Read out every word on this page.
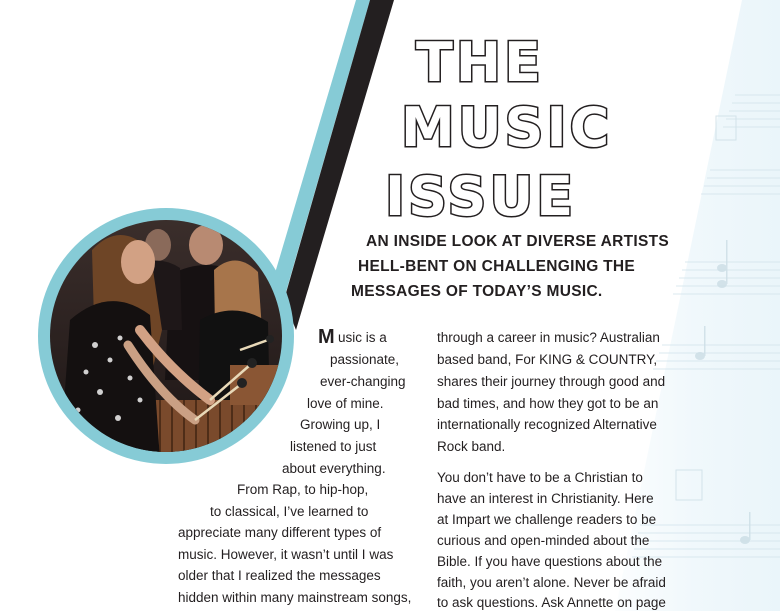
THE
MUSIC
ISSUE
AN INSIDE LOOK AT DIVERSE ARTISTS
HELL-BENT ON CHALLENGING THE
MESSAGES OF TODAY’S MUSIC.
M usic is a
passionate,
ever-changing
love of mine.
Growing up, I
listened to just
about everything.
From Rap, to hip-hop,
to classical, I’ve learned to
appreciate many different types of
music. However, it wasn’t until I was
older that I realized the messages
hidden within many mainstream songs,
through a career in music? Australian
based band, For KING & COUNTRY,
shares their journey through good and
bad times, and how they got to be an
internationally recognized Alternative
Rock band.
You don’t have to be a Christian to
have an interest in Christianity. Here
at Impart we challenge readers to be
curious and open-minded about the
Bible. If you have questions about the
faith, you aren’t alone. Never be afraid
to ask questions. Ask Annette on page
